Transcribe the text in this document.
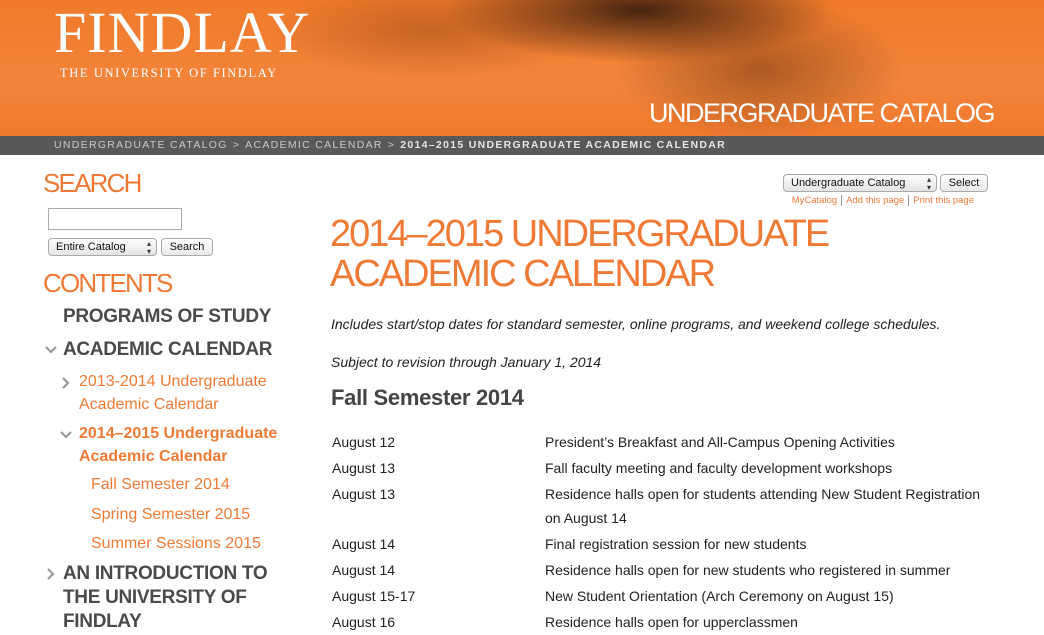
FINDLAY
THE UNIVERSITY OF FINDLAY
UNDERGRADUATE CATALOG
UNDERGRADUATE CATALOG > ACADEMIC CALENDAR > 2014–2015 UNDERGRADUATE ACADEMIC CALENDAR
SEARCH
Entire Catalog	▴
▾	Search
CONTENTS
PROGRAMS OF STUDY
ACADEMIC CALENDAR
2013-2014 Undergraduate
Academic Calendar
2014–2015 Undergraduate
Academic Calendar
Fall Semester 2014
Spring Semester 2015
Summer Sessions 2015
AN INTRODUCTION TO
THE UNIVERSITY OF
FINDLAY
Undergraduate Catalog	▴
▾	Select
MyCatalog Add this page Print this page
2014–2015 UNDERGRADUATE
ACADEMIC CALENDAR
Includes start/stop dates for standard semester, online programs, and weekend college schedules.
Subject to revision through January 1, 2014
Fall Semester 2014
August 12	President’s Breakfast and All-Campus Opening Activities
August 13	Fall faculty meeting and faculty development workshops
August 13	Residence halls open for students attending New Student Registration on August 14
August 14	Final registration session for new students
August 14	Residence halls open for new students who registered in summer
August 15-17	New Student Orientation (Arch Ceremony on August 15)
August 16	Residence halls open for upperclassmen
